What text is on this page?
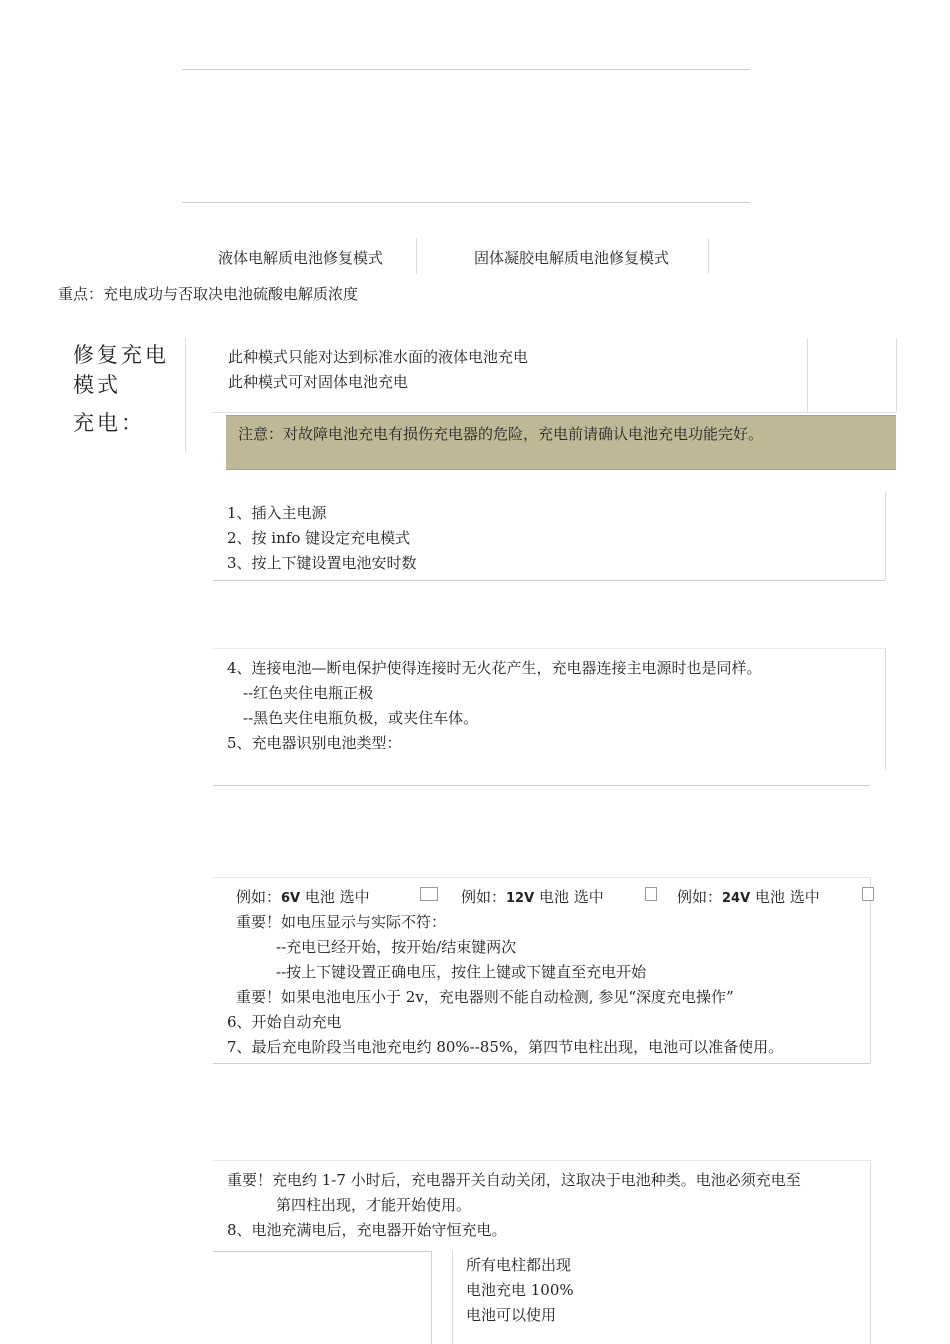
液体电解质电池修复模式	固体凝胶电解质电池修复模式
重点：充电成功与否取决电池硫酸电解质浓度
修复充电
模式
充电：
此种模式只能对达到标准水面的液体电池充电
此种模式可对固体电池充电
注意：对故障电池充电有损伤充电器的危险，充电前请确认电池充电功能完好。
1、插入主电源
2、按 info 键设定充电模式
3、按上下键设置电池安时数
4、连接电池—断电保护使得连接时无火花产生，充电器连接主电源时也是同样。
--红色夹住电瓶正极
--黑色夹住电瓶负极，或夹住车体。
5、充电器识别电池类型：
例如：6V 电池 选中	例如：12V 电池 选中	例如：24V 电池 选中
重要！如电压显示与实际不符：
--充电已经开始，按开始/结束键两次
--按上下键设置正确电压，按住上键或下键直至充电开始
重要！如果电池电压小于 2v，充电器则不能自动检测, 参见“深度充电操作”
6、开始自动充电
7、最后充电阶段当电池充电约 80%--85%，第四节电柱出现，电池可以准备使用。
重要！充电约 1-7 小时后，充电器开关自动关闭，这取决于电池种类。电池必须充电至
第四柱出现，才能开始使用。
8、电池充满电后，充电器开始守恒充电。
所有电柱都出现
电池充电 100%
电池可以使用
